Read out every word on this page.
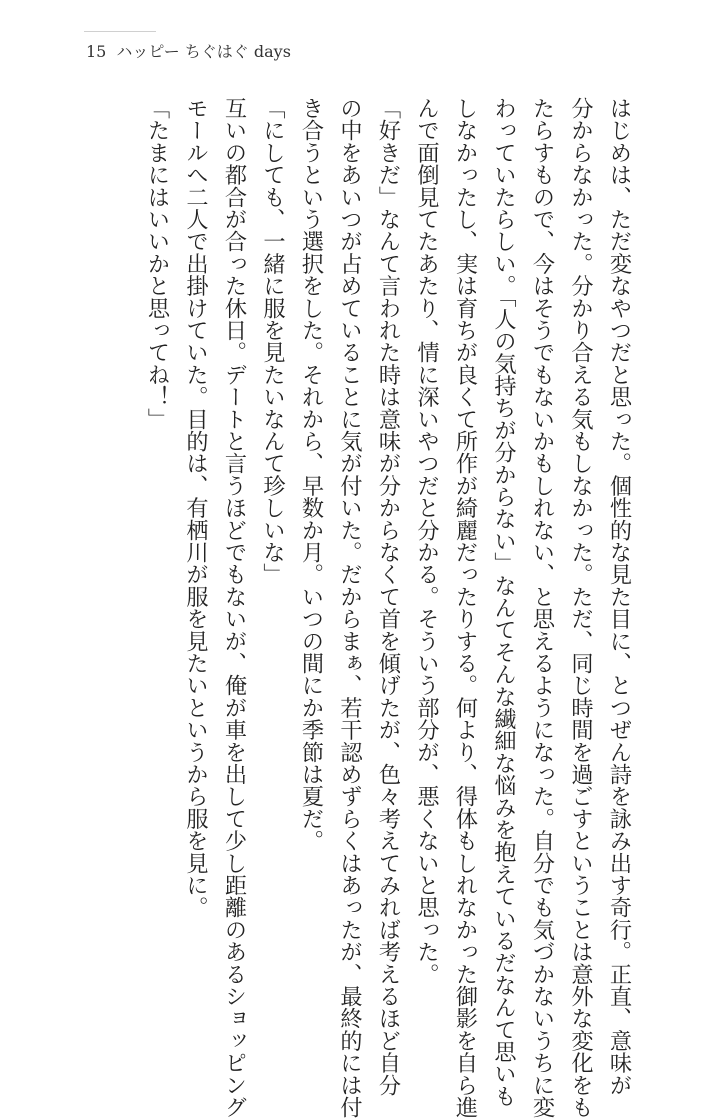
15 ハッピー ちぐはぐ days
はじめは、ただ変なやつだと思った。個性的な見た目に、とつぜん詩を詠み出す奇行。正直、意味が
分からなかった。分かり合える気もしなかった。ただ、同じ時間を過ごすということは意外な変化をも
たらすもので、今はそうでもないかもしれない、と思えるようになった。自分でも気づかないうちに変
わっていたらしい。「人の気持ちが分からない」なんてそんな繊細な悩みを抱えているだなんて思いも
しなかったし、実は育ちが良くて所作が綺麗だったりする。何より、得体もしれなかった御影を自ら進
んで面倒見てたあたり、情に深いやつだと分かる。そういう部分が、悪くないと思った。
「好きだ」なんて言われた時は意味が分からなくて首を傾げたが、色々考えてみれば考えるほど自分
の中をあいつが占めていることに気が付いた。だからまぁ、若干認めずらくはあったが、最終的には付
き合うという選択をした。それから、早数か月。いつの間にか季節は夏だ。
「にしても、一緒に服を見たいなんて珍しいな」
互いの都合が合った休日。デートと言うほどでもないが、俺が車を出して少し距離のあるショッピング
モールへ二人で出掛けていた。目的は、有栖川が服を見たいというから服を見に。
「たまにはいいかと思ってね！」
